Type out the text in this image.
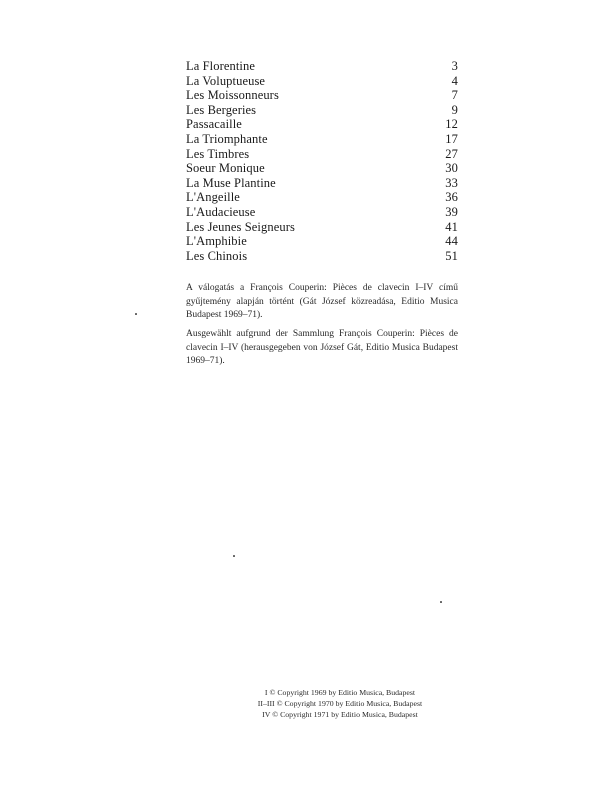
La Florentine	3
La Voluptueuse	4
Les Moissonneurs	7
Les Bergeries	9
Passacaille	12
La Triomphante	17
Les Timbres	27
Soeur Monique	30
La Muse Plantine	33
L'Angeille	36
L'Audacieuse	39
Les Jeunes Seigneurs	41
L'Amphibie	44
Les Chinois	51

A válogatás a François Couperin: Pièces de clavecin I–IV című gyűjtemény alapján történt (Gát József közreadása, Editio Musica Budapest 1969–71).

Ausgewählt aufgrund der Sammlung François Couperin: Pièces de clavecin I–IV (herausgegeben von József Gát, Editio Musica Budapest 1969–71).

I © Copyright 1969 by Editio Musica, Budapest
II–III © Copyright 1970 by Editio Musica, Budapest
IV © Copyright 1971 by Editio Musica, Budapest
